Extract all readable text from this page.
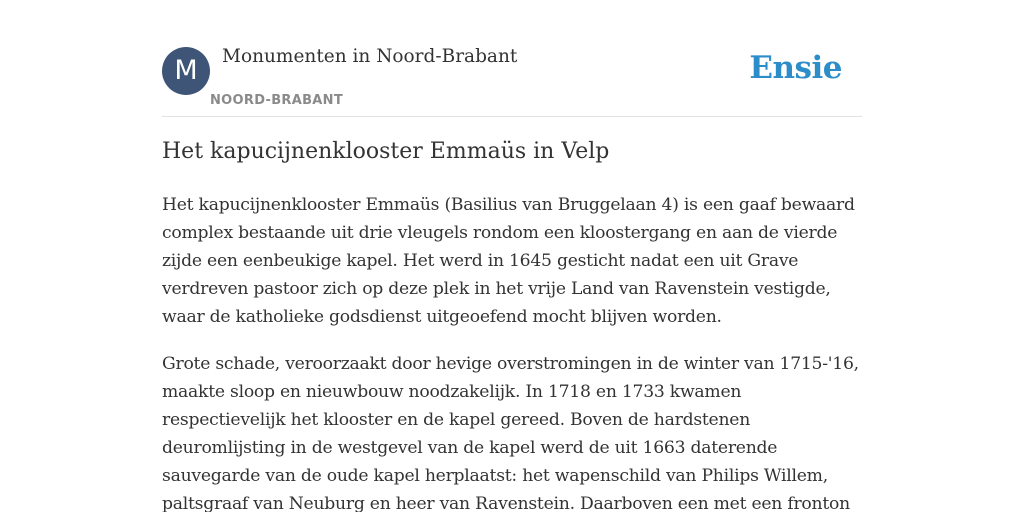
M	Monumenten in Noord-Brabant
NOORD-BRABANT
Ensie
Het kapucijnenklooster Emmaüs in Velp

Het kapucijnenklooster Emmaüs (Basilius van Bruggelaan 4) is een gaaf bewaard complex bestaande uit drie vleugels rondom een kloostergang en aan de vierde zijde een eenbeukige kapel. Het werd in 1645 gesticht nadat een uit Grave verdreven pastoor zich op deze plek in het vrije Land van Ravenstein vestigde, waar de katholieke godsdienst uitgeoefend mocht blijven worden.

Grote schade, veroorzaakt door hevige overstromingen in de winter van 1715-'16, maakte sloop en nieuwbouw noodzakelijk. In 1718 en 1733 kwamen respectievelijk het klooster en de kapel gereed. Boven de hardstenen deuromlijsting in de westgevel van de kapel werd de uit 1663 daterende sauvegarde van de oude kapel herplaatst: het wapenschild van Philips Willem, paltsgraaf van Neuburg en heer van Ravenstein. Daarboven een met een fronton
